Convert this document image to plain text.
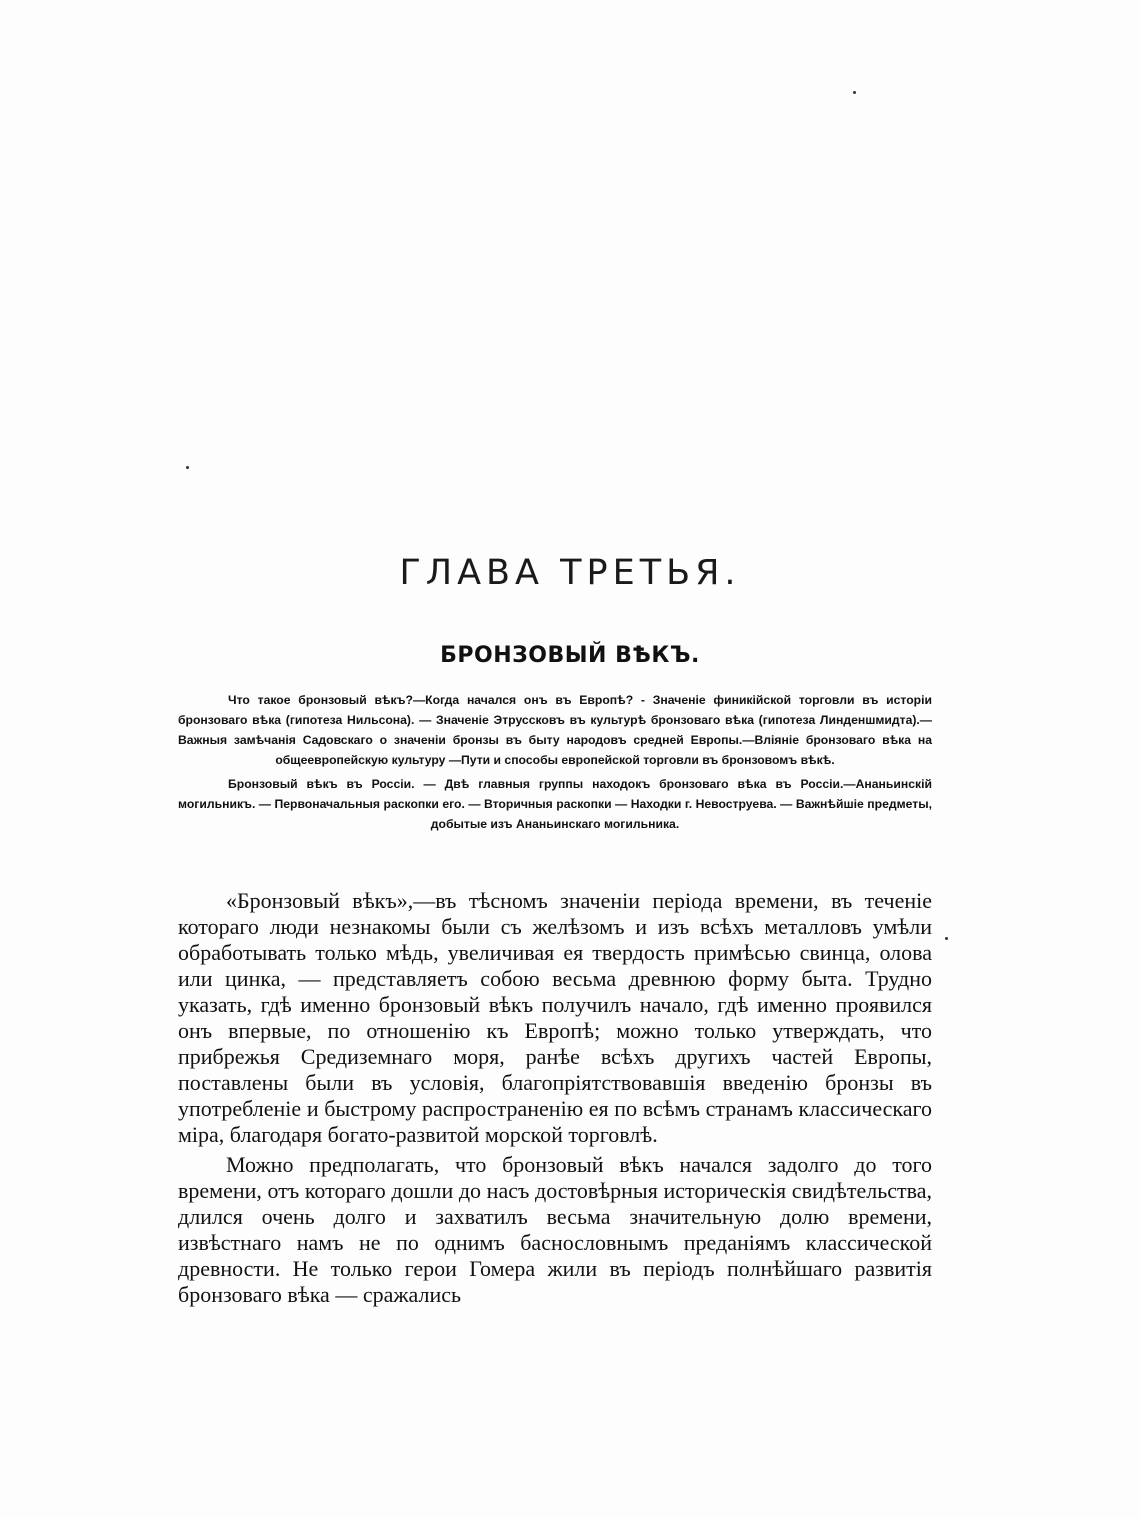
ГЛАВА ТРЕТЬЯ.
БРОНЗОВЫЙ ВѢКЪ.

Что такое бронзовый вѣкъ?—Когда начался онъ въ Европѣ? - Значеніе финикійской торговли въ исторіи бронзоваго вѣка (гипотеза Нильсона). — Значеніе Этруссковъ въ культурѣ бронзоваго вѣка (гипотеза Линденшмидта).—Важныя замѣчанія Садовскаго о значеніи бронзы въ быту народовъ средней Европы.—Вліяніе бронзоваго вѣка на общеевропейскую культуру —Пути и способы европейской торговли въ бронзовомъ вѣкѣ.

Бронзовый вѣкъ въ Россіи. — Двѣ главныя группы находокъ бронзоваго вѣка въ Россіи.—Ананьинскій могильникъ. — Первоначальныя раскопки его. — Вторичныя раскопки — Находки г. Невоструева. — Важнѣйшіе предметы, добытые изъ Ананьинскаго могильника.

«Бронзовый вѣкъ»,—въ тѣсномъ значеніи періода времени, въ теченіе котораго люди незнакомы были съ желѣзомъ и изъ всѣхъ металловъ умѣли обработывать только мѣдь, увеличивая ея твердость примѣсью свинца, олова или цинка, — представляетъ собою весьма древнюю форму быта. Трудно указать, гдѣ именно бронзовый вѣкъ получилъ начало, гдѣ именно проявился онъ впервые, по отношенію къ Европѣ; можно только утверждать, что прибрежья Средиземнаго моря, ранѣе всѣхъ другихъ частей Европы, поставлены были въ условія, благопріятствовавшія введенію бронзы въ употребленіе и быстрому распространенію ея по всѣмъ странамъ классическаго міра, благодаря богато-развитой морской торговлѣ.

Можно предполагать, что бронзовый вѣкъ начался задолго до того времени, отъ котораго дошли до насъ достовѣрныя историческія свидѣтельства, длился очень долго и захватилъ весьма значительную долю времени, извѣстнаго намъ не по однимъ баснословнымъ преданіямъ классической древности. Не только герои Гомера жили въ періодъ полнѣйшаго развитія бронзоваго вѣка — сражались
